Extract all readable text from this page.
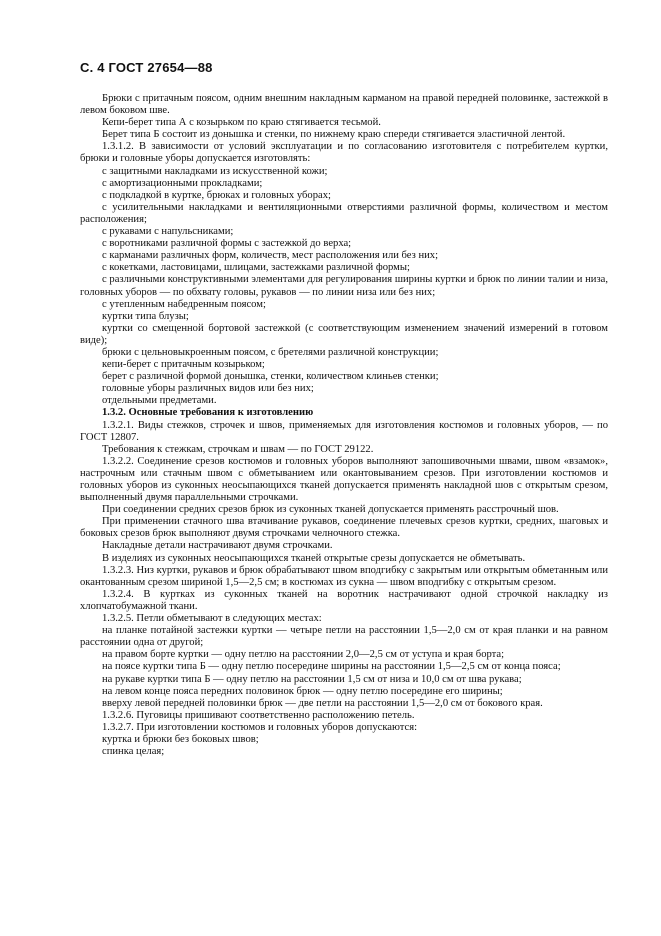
С. 4 ГОСТ 27654—88

Брюки с притачным поясом, одним внешним накладным карманом на правой передней половинке, застежкой в левом боковом шве.

Кепи-берет типа А с козырьком по краю стягивается тесьмой.

Берет типа Б состоит из донышка и стенки, по нижнему краю спереди стягивается эластичной лентой.

1.3.1.2. В зависимости от условий эксплуатации и по согласованию изготовителя с потребителем куртки, брюки и головные уборы допускается изготовлять:

с защитными накладками из искусственной кожи;

с амортизационными прокладками;

с подкладкой в куртке, брюках и головных уборах;

с усилительными накладками и вентиляционными отверстиями различной формы, количеством и местом расположения;

с рукавами с напульсниками;

с воротниками различной формы с застежкой до верха;

с карманами различных форм, количеств, мест расположения или без них;

с кокетками, ластовицами, шлицами, застежками различной формы;

с различными конструктивными элементами для регулирования ширины куртки и брюк по линии талии и низа, головных уборов — по обхвату головы, рукавов — по линии низа или без них;

с утепленным набедренным поясом;

куртки типа блузы;

куртки со смещенной бортовой застежкой (с соответствующим изменением значений измерений в готовом виде);

брюки с цельновыкроенным поясом, с бретелями различной конструкции;

кепи-берет с притачным козырьком;

берет с различной формой донышка, стенки, количеством клиньев стенки;

головные уборы различных видов или без них;

отдельными предметами.

1.3.2. Основные требования к изготовлению

1.3.2.1. Виды стежков, строчек и швов, применяемых для изготовления костюмов и головных уборов, — по ГОСТ 12807.

Требования к стежкам, строчкам и швам — по ГОСТ 29122.

1.3.2.2. Соединение срезов костюмов и головных уборов выполняют запошивочными швами, швом «взамок», настрочным или стачным швом с обметыванием или окантовыванием срезов. При изготовлении костюмов и головных уборов из суконных неосыпающихся тканей допускается применять накладной шов с открытым срезом, выполненный двумя параллельными строчками.

При соединении средних срезов брюк из суконных тканей допускается применять расстрочный шов.

При применении стачного шва втачивание рукавов, соединение плечевых срезов куртки, средних, шаговых и боковых срезов брюк выполняют двумя строчками челночного стежка.

Накладные детали настрачивают двумя строчками.

В изделиях из суконных неосыпающихся тканей открытые срезы допускается не обметывать.

1.3.2.3. Низ куртки, рукавов и брюк обрабатывают швом вподгибку с закрытым или открытым обметанным или окантованным срезом шириной 1,5—2,5 см; в костюмах из сукна — швом вподгибку с открытым срезом.

1.3.2.4. В куртках из суконных тканей на воротник настрачивают одной строчкой накладку из хлопчатобумажной ткани.

1.3.2.5. Петли обметывают в следующих местах:

на планке потайной застежки куртки — четыре петли на расстоянии 1,5—2,0 см от края планки и на равном расстоянии одна от другой;

на правом борте куртки — одну петлю на расстоянии 2,0—2,5 см от уступа и края борта;

на поясе куртки типа Б — одну петлю посередине ширины на расстоянии 1,5—2,5 см от конца пояса;

на рукаве куртки типа Б — одну петлю на расстоянии 1,5 см от низа и 10,0 см от шва рукава;

на левом конце пояса передних половинок брюк — одну петлю посередине его ширины;

вверху левой передней половинки брюк — две петли на расстоянии 1,5—2,0 см от бокового края.

1.3.2.6. Пуговицы пришивают соответственно расположению петель.

1.3.2.7. При изготовлении костюмов и головных уборов допускаются:

куртка и брюки без боковых швов;

спинка целая;
